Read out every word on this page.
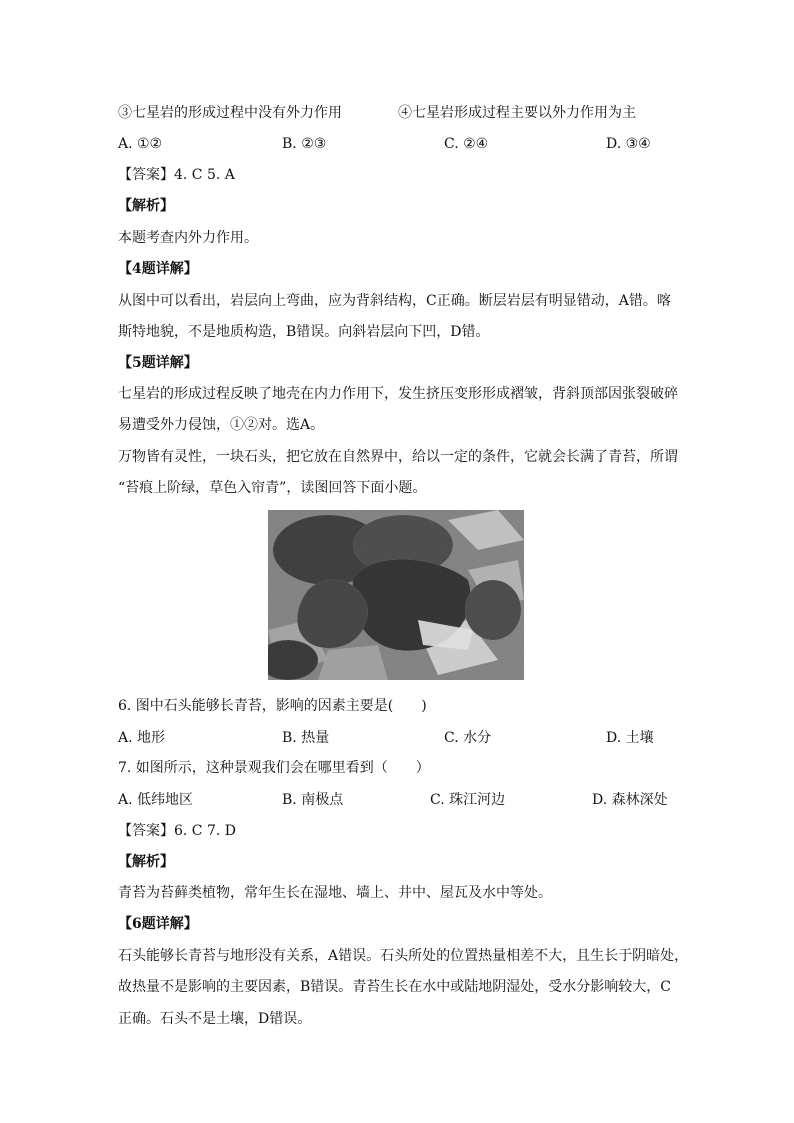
③七星岩的形成过程中没有外力作用	④七星岩形成过程主要以外力作用为主
A. ①②	B. ②③	C. ②④	D. ③④
【答案】4. C 5. A
【解析】
本题考查内外力作用。
【4题详解】
从图中可以看出，岩层向上弯曲，应为背斜结构，C正确。断层岩层有明显错动，A错。喀
斯特地貌，不是地质构造，B错误。向斜岩层向下凹，D错。
【5题详解】
七星岩的形成过程反映了地壳在内力作用下，发生挤压变形形成褶皱，背斜顶部因张裂破碎
易遭受外力侵蚀，①②对。选A。
万物皆有灵性，一块石头，把它放在自然界中，给以一定的条件，它就会长满了青苔，所谓
“苔痕上阶绿，草色入帘青”，读图回答下面小题。
6. 图中石头能够长青苔，影响的因素主要是(　　)
A. 地形	B. 热量	C. 水分	D. 土壤
7. 如图所示，这种景观我们会在哪里看到（　　）
A. 低纬地区	B. 南极点	C. 珠江河边	D. 森林深处
【答案】6. C 7. D
【解析】
青苔为苔藓类植物，常年生长在湿地、墙上、井中、屋瓦及水中等处。
【6题详解】
石头能够长青苔与地形没有关系，A错误。石头所处的位置热量相差不大，且生长于阴暗处，
故热量不是影响的主要因素，B错误。青苔生长在水中或陆地阴湿处，受水分影响较大，C
正确。石头不是土壤，D错误。
